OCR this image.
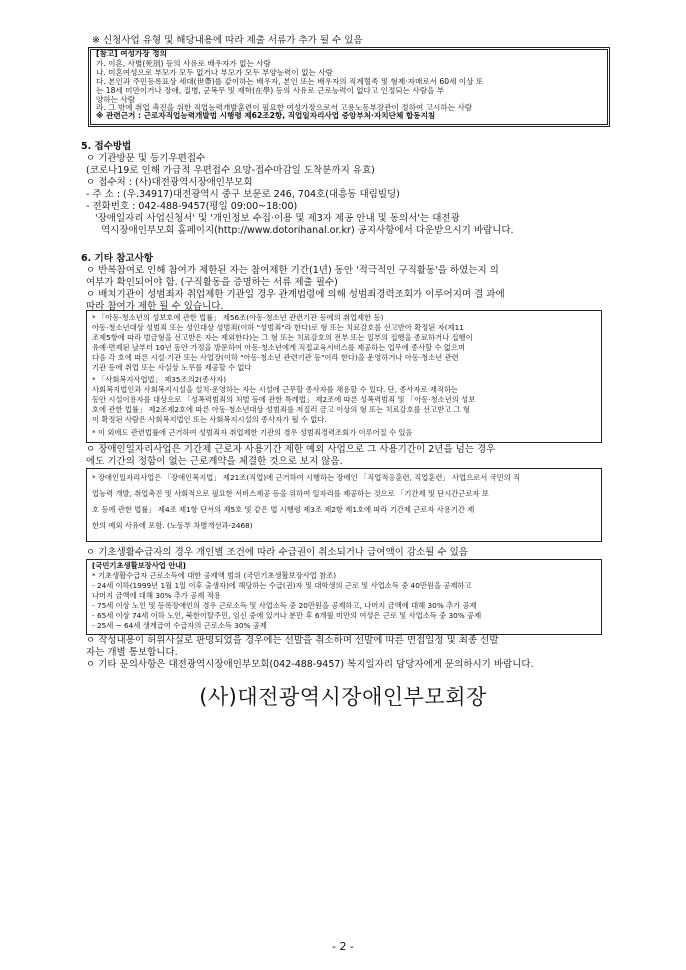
※ 신청사업 유형 및 해당내용에 따라 제출 서류가 추가 될 수 있음
[참고] 여성가장 정의
가. 이혼, 사별(死別) 등의 사유로 배우자가 없는 사람
나. 미혼여성으로 부모가 모두 없거나 부모가 모두 부양능력이 없는 사람
다. 본인과 주민등록표상 세대(世帶)를 같이하는 배우자, 본인 또는 배우자의 직계혈족 및 형제·자매로서 60세 이상 또
는 18세 미만이거나 장애, 질병, 군복무 및 재학(在學) 등의 사유로 근로능력이 없다고 인정되는 사람을 부
양하는 사람
라. 그 밖에 취업 촉진을 위한 직업능력개발훈련이 필요한 여성가장으로서 고용노동부장관이 정하여 고시하는 사람
※ 관련근거 : 근로자직업능력개발법 시행령 제62조2항, 직업일자리사업 중앙부처·자치단체 합동지침
5. 접수방법
ㅇ 기관방문 및 등기우편접수
(코로나19로 인해 가급적 우편접수 요망-접수마감일 도착분까지 유효)
ㅇ 접수처 : (사)대전광역시장애인부모회
- 주 소 : (우.34917)대전광역시 중구 보문로 246, 704호(대흥동 대림빌딩)
- 전화번호 : 042-488-9457(평일 09:00~18:00)
'장애일자리 사업신청서' 및 '개인정보 수집·이용 및 제3자 제공 안내 및 동의서'는 대전광
역시장애인부모회 홈페이지(http://www.dotorihanal.or.kr) 공지사항에서 다운받으시기 바랍니다.
6. 기타 참고사항
ㅇ 반복참여로 인해 참여가 제한된 자는 참여제한 기간(1년) 동안 '적극적인 구직활동'을 하였는지 의
여부가 확인되어야 함. (구직활동을 증명하는 서류 제출 필수)
ㅇ 배치기관이 성범죄자 취업제한 기관일 경우 관계법령에 의해 성범죄경력조회가 이루어지며 결 과에
따라 참여가 제한 될 수 있습니다.
* 「아동·청소년의 성보호에 관한 법률」 제56조(아동·청소년 관련기관 등에의 취업제한 등)
아동·청소년대상 성범죄 또는 성인대상 성범죄(이하 "성범죄"라 한다)로 형 또는 치료감호를 선고받아 확정된 자(제11
조제5항에 따라 벌금형을 선고받은 자는 제외한다)는 그 형 또는 치료감호의 전부 또는 일부의 집행을 종료하거나 집행이
유예·면제된 날부터 10년 동안 가정을 방문하여 아동·청소년에게 직접교육서비스를 제공하는 업무에 종사할 수 없으며
다음 각 호에 따른 시설·기관 또는 사업장(이하 "아동·청소년 관련기관 등"이라 한다)을 운영하거나 아동·청소년 관련
기관 등에 취업 또는 사실상 노무를 제공할 수 없다
* 「사회복지사업법」 제35조의2(종사자)
사회복지법인과 사회복지시설을 설치·운영하는 자는 시설에 근무할 종사자를 채용할 수 있다. 단, 종사자로 재직하는
동안 시설이용자를 대상으로 「성폭력범죄의 처벌 등에 관한 특례법」 제2조에 따른 성폭력범죄 및 「아동·청소년의 성보
호에 관한 법률」 제2조제2호에 따른 아동·청소년대상 성범죄를 저질러 금고 이상의 형 또는 치료감호를 선고받고 그 형
이 확정된 사람은 사회복지법인 또는 사회복지시설의 종사자가 될 수 없다.
* 이 외에도 관련법률에 근거하여 성범죄자 취업제한 기관의 경우 성범죄경력조회가 이루어질 수 있음
ㅇ 장애인일자리사업은 기간제 근로자 사용기간 제한 예외 사업으로 그 사용기간이 2년을 넘는 경우
에도 기간의 정함이 없는 근로계약을 체결한 것으로 보지 않음.
* 장애인일자리사업은 「장애인복지법」 제21조(직업)에 근거하여 시행하는 장애인 「직업적응훈련, 직업훈련」 사업으로서 국민의 직
업능력 개발, 취업촉진 및 사회적으로 필요한 서비스제공 등을 위하여 일자리를 제공하는 것으로 「기간제 및 단시간근로자 보
호 등에 관한 법률」 제4조 제1항 단서의 제5호 및 같은 법 시행령 제3조 제2항 제1호에 따라 기간제 근로자 사용기간 제
한의 예외 사유에 포함. (노동부 차별개선과-2468)
ㅇ 기초생활수급자의 경우 개인별 조건에 따라 수급권이 취소되거나 급여액이 감소될 수 있음
[국민기초생활보장사업 안내]
* 기초생활수급자 근로소득에 대한 공제액 범위 (국민기초생활보장사업 참조)
- 24세 이하(1999년 1월 1일 이후 출생자)에 해당하는 수급(권)자 및 대학생의 근로 및 사업소득 중 40만원을 공제하고
나머지 금액에 대해 30% 추가 공제 적용
- 75세 이상 노인 및 등록장애인의 경우 근로소득 및 사업소득 중 20만원을 공제하고, 나머지 금액에 대해 30% 추가 공제
- 65세 이상 74세 이하 노인, 북한이탈주민, 임신 중에 있거나 분만 후 6개월 미만의 여성은 근로 및 사업소득 중 30% 공제
- 25세 ~ 64세 생계급여 수급자의 근로소득 30% 공제
ㅇ 작성내용이 허위사실로 판명되었을 경우에는 선발을 취소하며 선발에 따른 면접일정 및 최종 선발
자는 개별 통보합니다.
ㅇ 기타 문의사항은 대전광역시장애인부모회(042-488-9457) 복지일자리 담당자에게 문의하시기 바랍니다.
(사)대전광역시장애인부모회장
- 2 -
